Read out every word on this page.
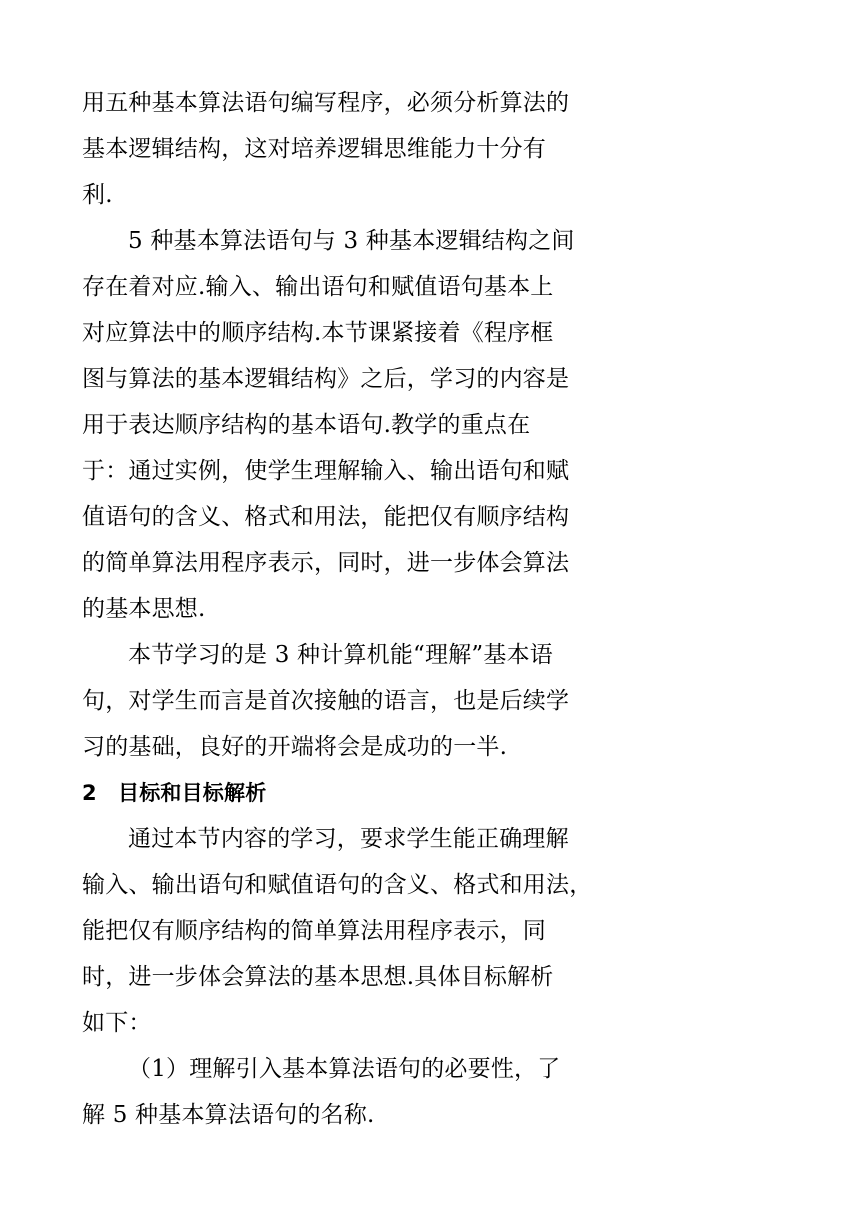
用五种基本算法语句编写程序，必须分析算法的
基本逻辑结构，这对培养逻辑思维能力十分有
利.
5 种基本算法语句与 3 种基本逻辑结构之间
存在着对应.输入、输出语句和赋值语句基本上
对应算法中的顺序结构.本节课紧接着《程序框
图与算法的基本逻辑结构》之后，学习的内容是
用于表达顺序结构的基本语句.教学的重点在
于：通过实例，使学生理解输入、输出语句和赋
值语句的含义、格式和用法，能把仅有顺序结构
的简单算法用程序表示，同时，进一步体会算法
的基本思想.
本节学习的是 3 种计算机能“理解”基本语
句，对学生而言是首次接触的语言，也是后续学
习的基础，良好的开端将会是成功的一半.
2 目标和目标解析
通过本节内容的学习，要求学生能正确理解
输入、输出语句和赋值语句的含义、格式和用法，
能把仅有顺序结构的简单算法用程序表示，同
时，进一步体会算法的基本思想.具体目标解析
如下：
（1）理解引入基本算法语句的必要性，了
解 5 种基本算法语句的名称.
